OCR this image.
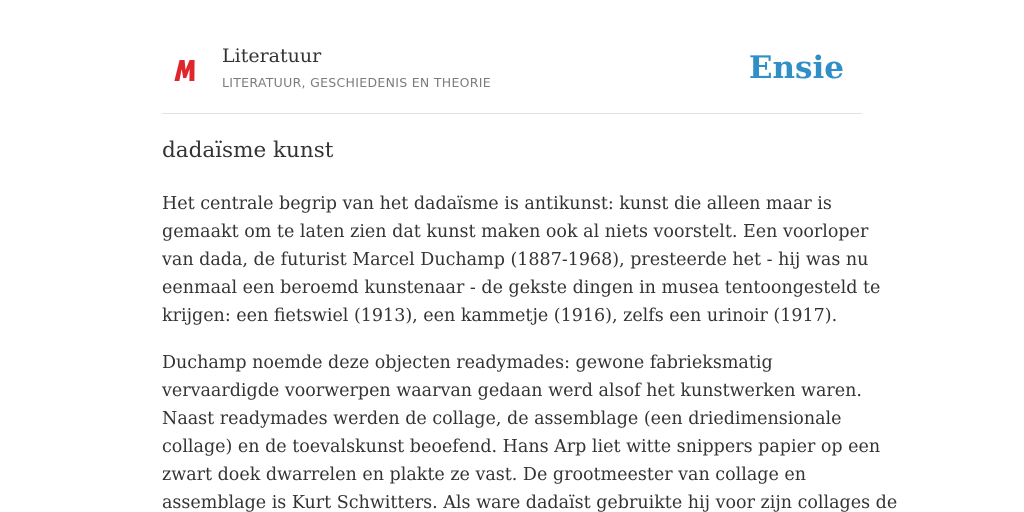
Literatuur
LITERATUUR, GESCHIEDENIS EN THEORIE	Ensie
dadaïsme kunst
Het centrale begrip van het dadaïsme is antikunst: kunst die alleen maar is
gemaakt om te laten zien dat kunst maken ook al niets voorstelt. Een voorloper
van dada, de futurist Marcel Duchamp (1887-1968), presteerde het - hij was nu
eenmaal een beroemd kunstenaar - de gekste dingen in musea tentoongesteld te
krijgen: een fietswiel (1913), een kammetje (1916), zelfs een urinoir (1917).
Duchamp noemde deze objecten readymades: gewone fabrieksmatig
vervaardigde voorwerpen waarvan gedaan werd alsof het kunstwerken waren.
Naast readymades werden de collage, de assemblage (een driedimensionale
collage) en de toevalskunst beoefend. Hans Arp liet witte snippers papier op een
zwart doek dwarrelen en plakte ze vast. De grootmeester van collage en
assemblage is Kurt Schwitters. Als ware dadaïst gebruikte hij voor zijn collages de
